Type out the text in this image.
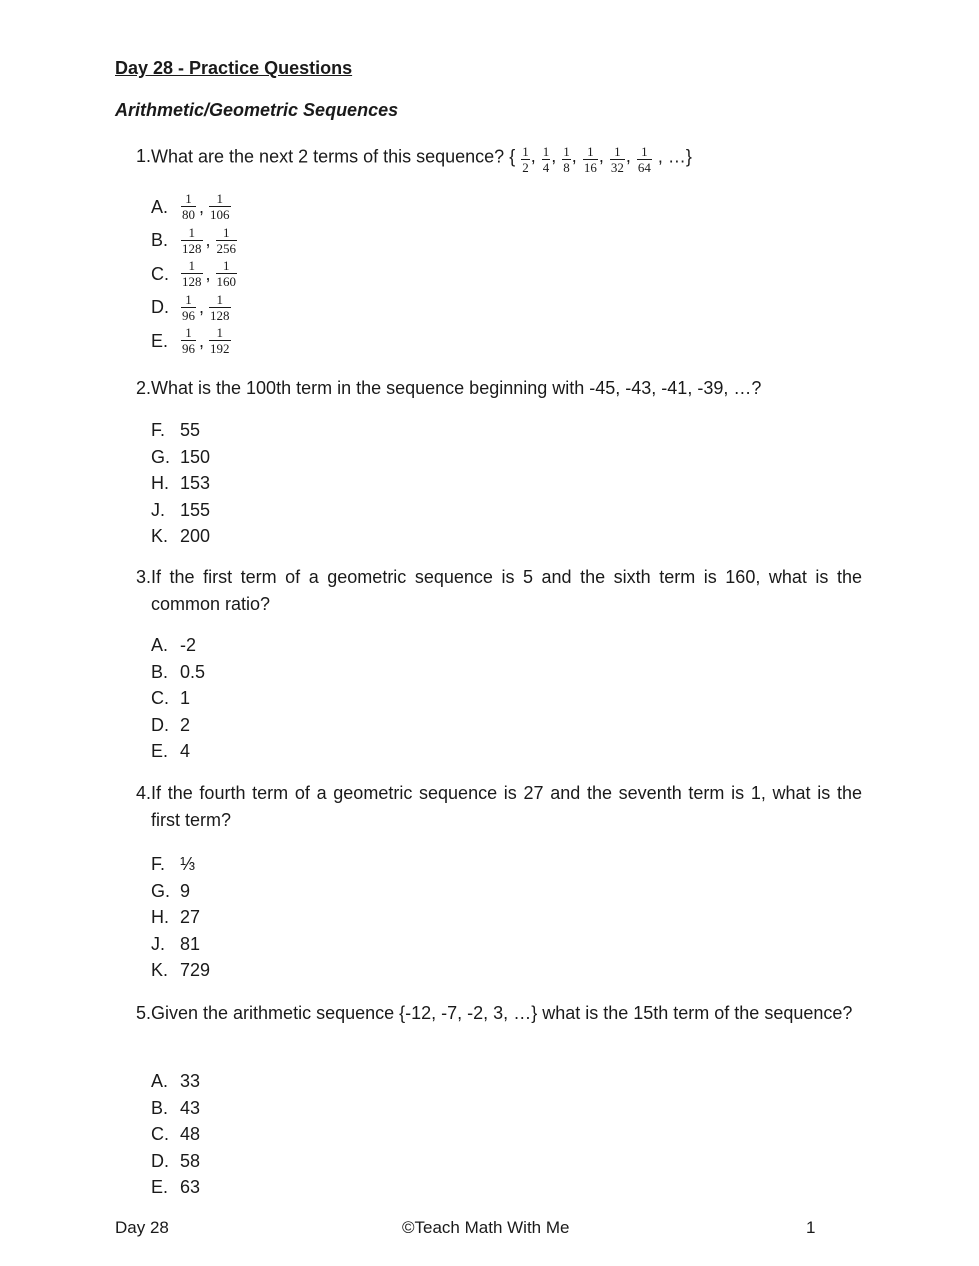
Day 28 - Practice Questions
Arithmetic/Geometric Sequences
1. What are the next 2 terms of this sequence? { $\frac{1}{2}$ , $\frac{1}{4}$ , $\frac{1}{8}$ , $\frac{1}{16}$ , $\frac{1}{32}$ , $\frac{1}{64}$ , …}
A. $\frac{1}{80}$ , $\frac{1}{106}$
B. $\frac{1}{128}$ , $\frac{1}{256}$
C. $\frac{1}{128}$ , $\frac{1}{160}$
D. $\frac{1}{96}$ , $\frac{1}{128}$
E. $\frac{1}{96}$ , $\frac{1}{192}$
2. What is the 100th term in the sequence beginning with -45, -43, -41, -39, …?
F. 55
G. 150
H. 153
J. 155
K. 200
3. If the first term of a geometric sequence is 5 and the sixth term is 160, what is the common ratio?
A. -2
B. 0.5
C. 1
D. 2
E. 4
4. If the fourth term of a geometric sequence is 27 and the seventh term is 1, what is the first term?
F. ⅓
G. 9
H. 27
J. 81
K. 729
5. Given the arithmetic sequence {-12, -7, -2, 3, …} what is the 15th term of the sequence?
A. 33
B. 43
C. 48
D. 58
E. 63
Day 28	©Teach Math With Me	1
